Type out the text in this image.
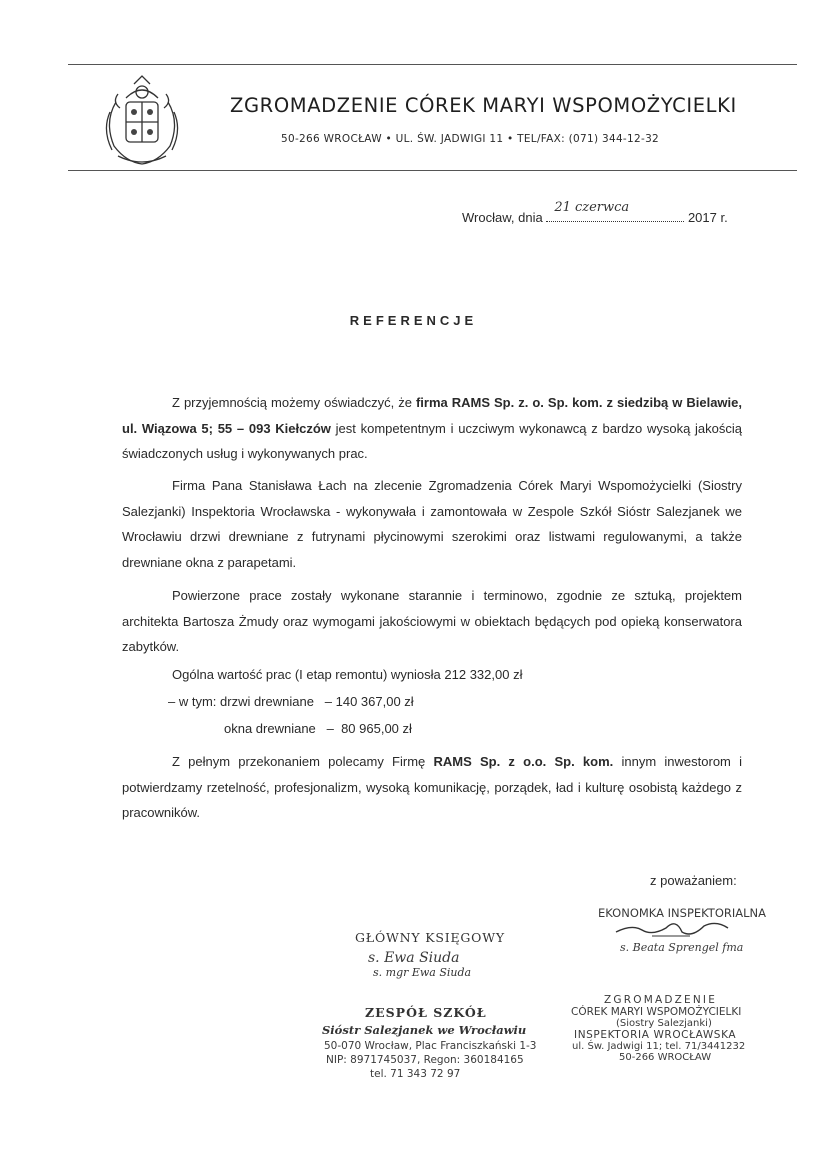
ZGROMADZENIE CÓREK MARYI WSPOMOŻYCIELKI
50-266 WROCŁAW • UL. ŚW. JADWIGI 11 • TEL/FAX: (071) 344-12-32
Wrocław, dnia
21 czerwca
2017 r.
REFERENCJE
Z przyjemnością możemy oświadczyć, że firma RAMS Sp. z. o. Sp. kom. z siedzibą w Bielawie, ul. Wiązowa 5; 55 – 093 Kiełczów jest kompetentnym i uczciwym wykonawcą z bardzo wysoką jakością świadczonych usług i wykonywanych prac.
Firma Pana Stanisława Łach na zlecenie Zgromadzenia Córek Maryi Wspomożycielki (Siostry Salezjanki) Inspektoria Wrocławska - wykonywała i zamontowała w Zespole Szkół Sióstr Salezjanek we Wrocławiu drzwi drewniane z futrynami płycinowymi szerokimi oraz listwami regulowanymi, a także drewniane okna z parapetami.
Powierzone prace zostały wykonane starannie i terminowo, zgodnie ze sztuką, projektem architekta Bartosza Żmudy oraz wymogami jakościowymi w obiektach będących pod opieką konserwatora zabytków.
Ogólna wartość prac (I etap remontu) wyniosła 212 332,00 zł
– w tym: drzwi drewniane   – 140 367,00 zł
okna drewniane   –  80 965,00 zł
Z pełnym przekonaniem polecamy Firmę RAMS Sp. z o.o. Sp. kom. innym inwestorom i potwierdzamy rzetelność, profesjonalizm, wysoką komunikację, porządek, ład i kulturę osobistą każdego z pracowników.
z poważaniem:
GŁÓWNY KSIĘGOWY
s. Ewa Siuda
s. mgr Ewa Siuda
EKONOMKA INSPEKTORIALNA
s. Beata Sprengel fma
ZESPÓŁ SZKÓŁ
Sióstr Salezjanek we Wrocławiu
50-070 Wrocław, Plac Franciszkański 1-3
NIP: 8971745037, Regon: 360184165
tel. 71 343 72 97
ZGROMADZENIE
CÓREK MARYI WSPOMOŻYCIELKI
(Siostry Salezjanki)
INSPEKTORIA WROCŁAWSKA
ul. Św. Jadwigi 11; tel. 71/3441232
50-266 WROCŁAW
